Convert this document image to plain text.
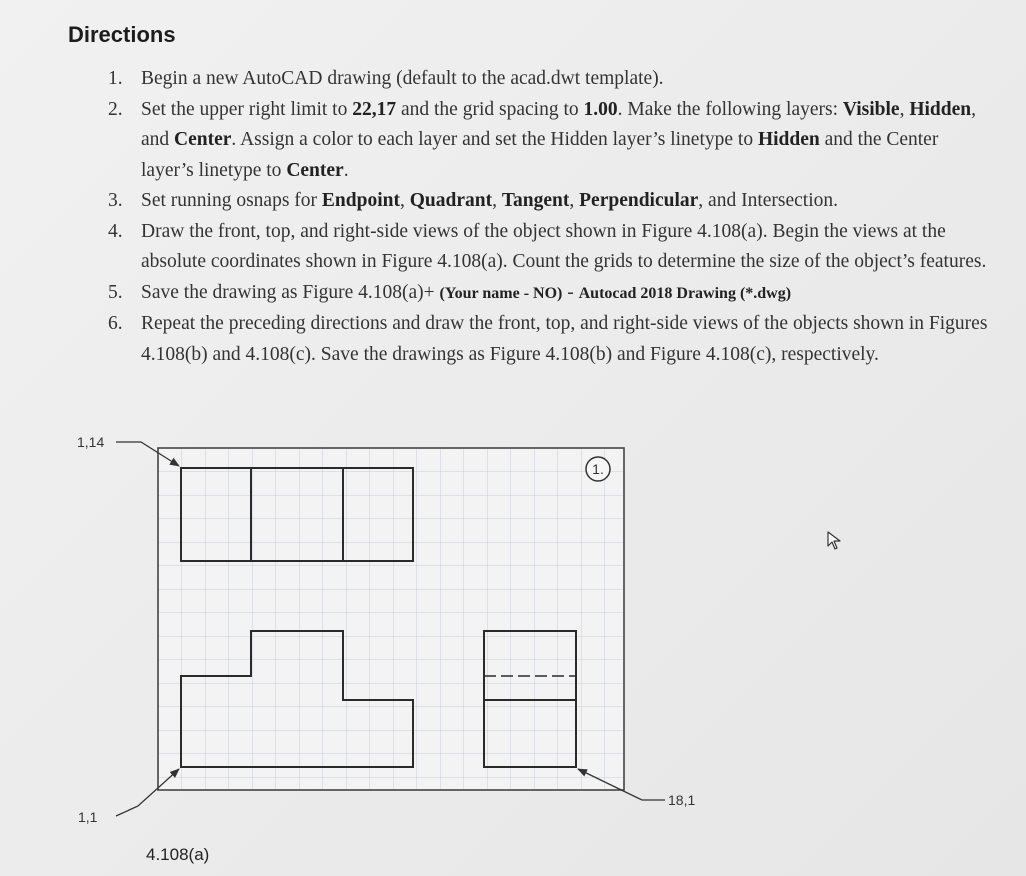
Directions
1. Begin a new AutoCAD drawing (default to the acad.dwt template).
2. Set the upper right limit to 22,17 and the grid spacing to 1.00. Make the following layers: Visible, Hidden, and Center. Assign a color to each layer and set the Hidden layer’s linetype to Hidden and the Center layer’s linetype to Center.
3. Set running osnaps for Endpoint, Quadrant, Tangent, Perpendicular, and Intersection.
4. Draw the front, top, and right-side views of the object shown in Figure 4.108(a). Begin the views at the absolute coordinates shown in Figure 4.108(a). Count the grids to determine the size of the object’s features.
5. Save the drawing as Figure 4.108(a)+ (Your name - NO) - Autocad 2018 Drawing (*.dwg)
6. Repeat the preceding directions and draw the front, top, and right-side views of the objects shown in Figures 4.108(b) and 4.108(c). Save the drawings as Figure 4.108(b) and Figure 4.108(c), respectively.
1.
1,14
1,1
18,1
4.108(a)
